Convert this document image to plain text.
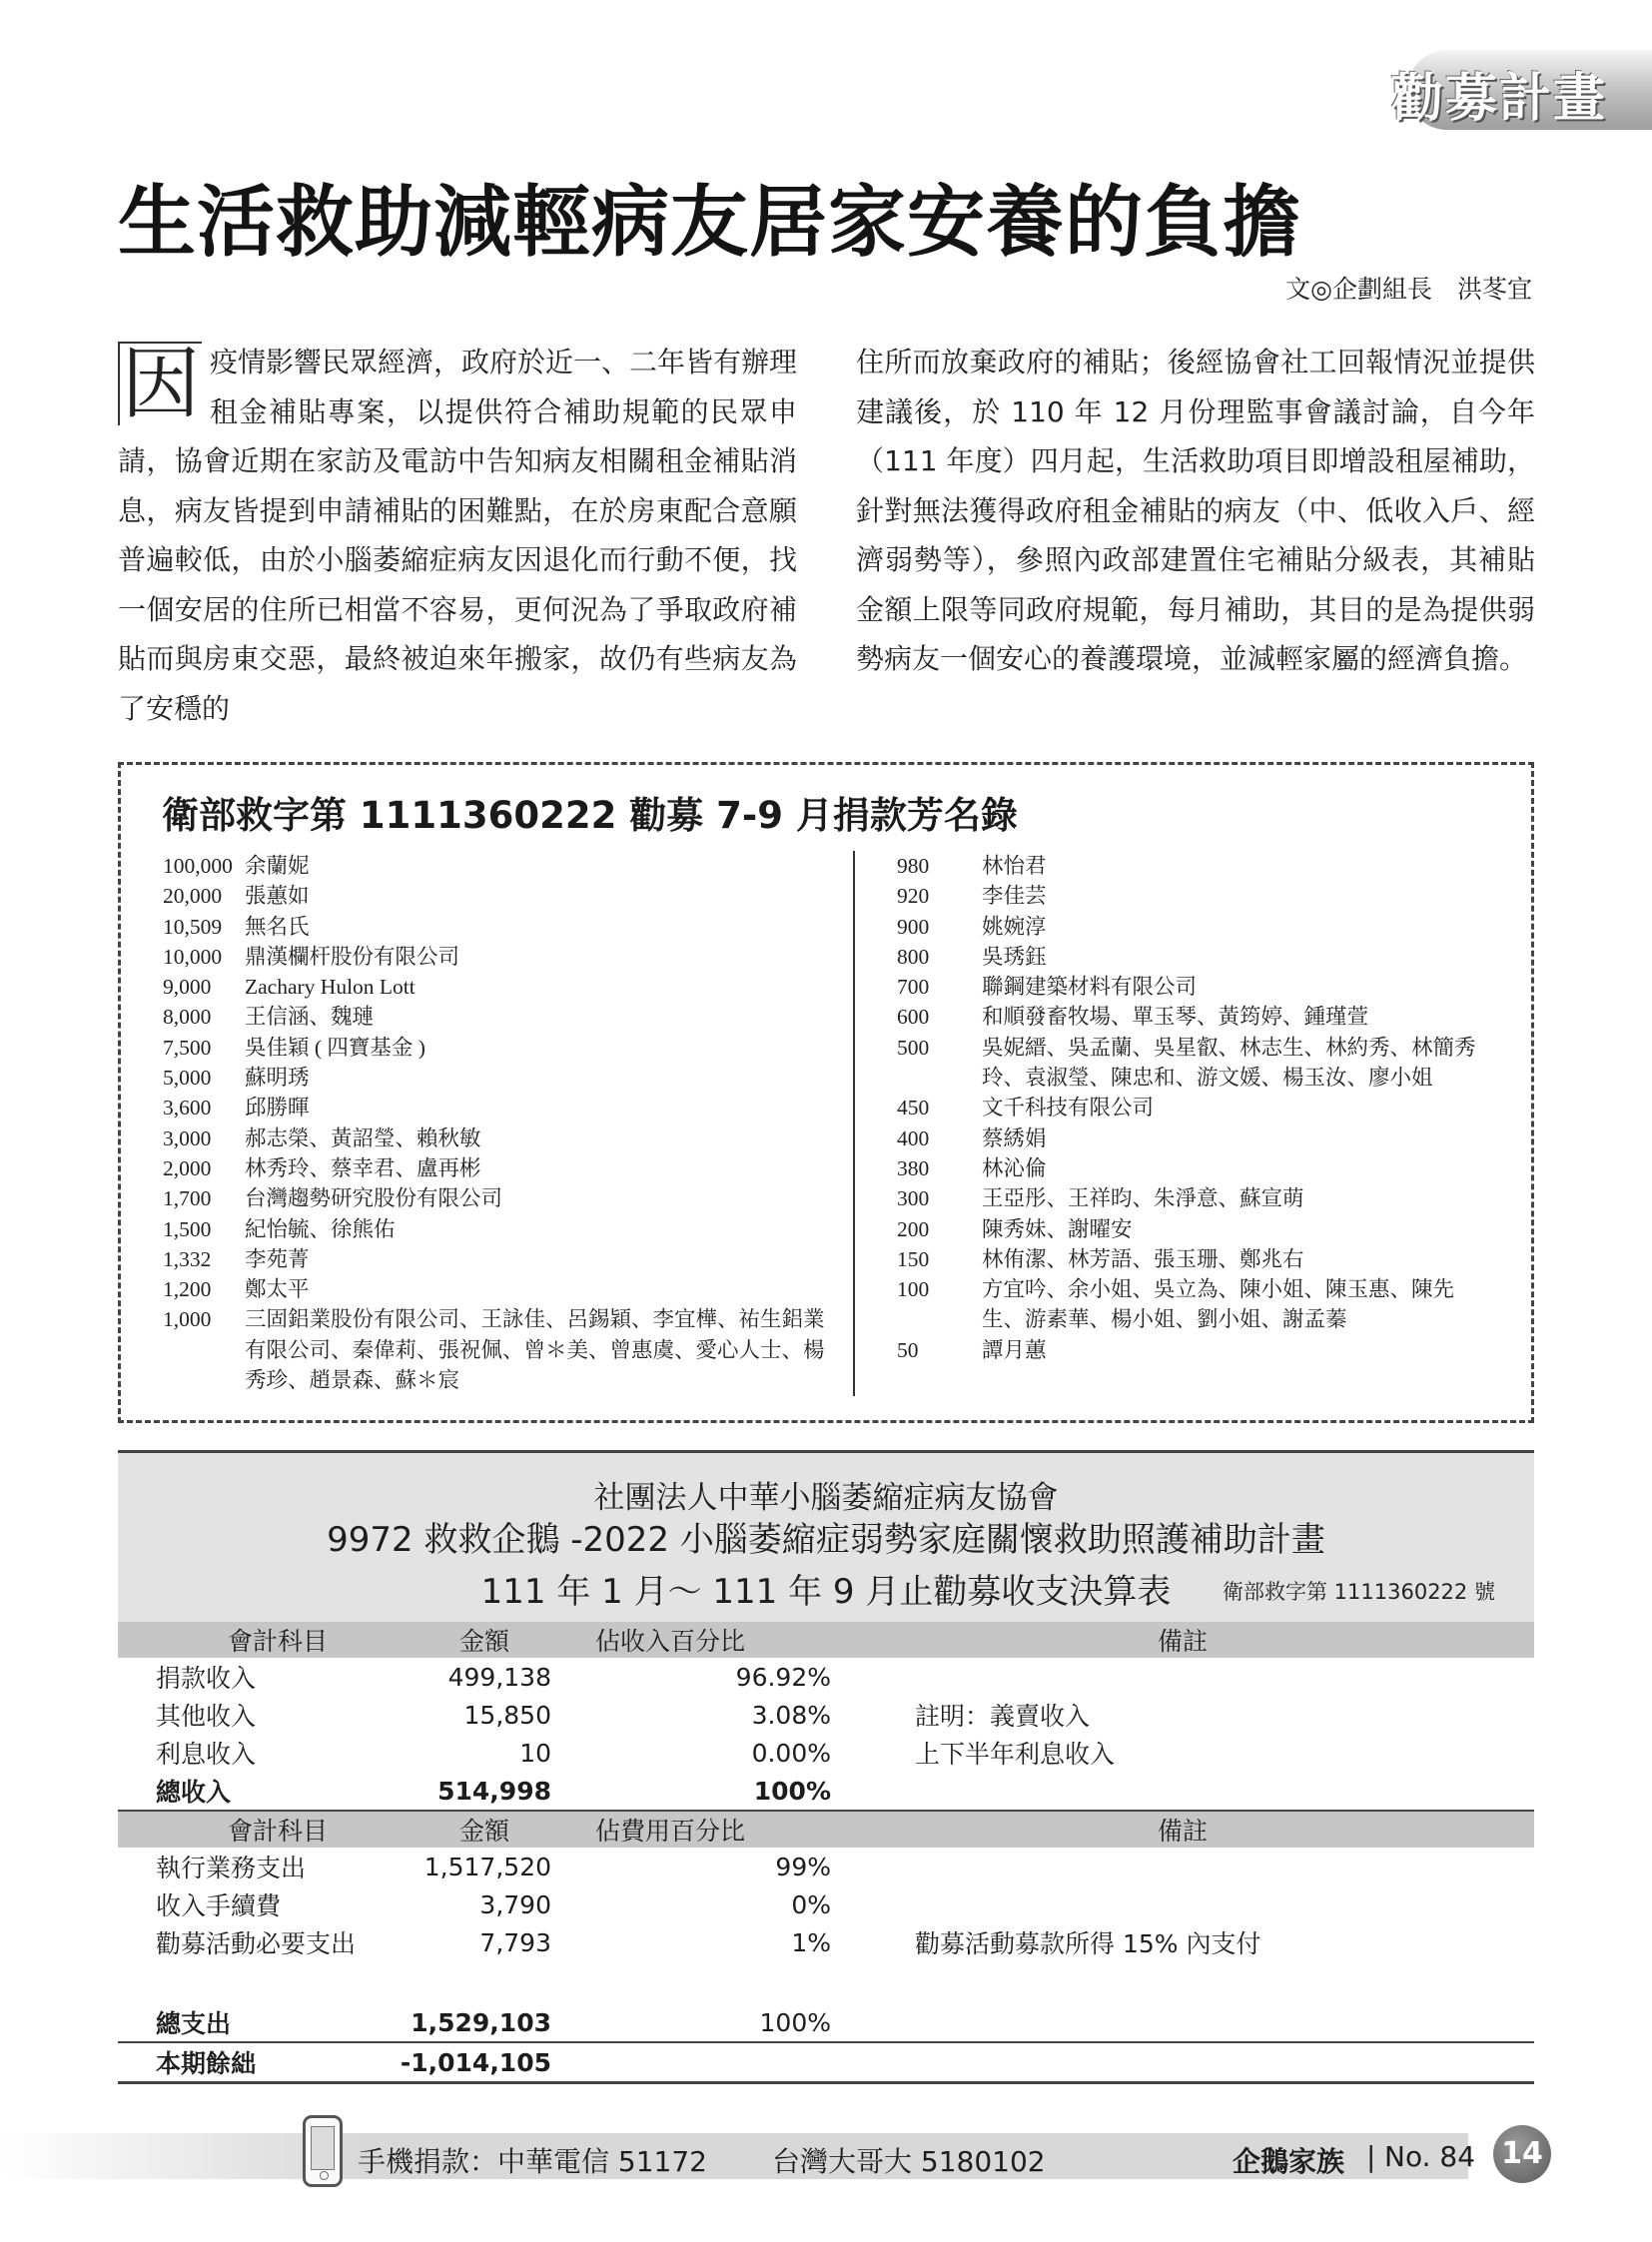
勸募計畫
生活救助減輕病友居家安養的負擔
文◎企劃組長　洪苳宜
因 疫情影響民眾經濟，政府於近一、二年皆有辦理租金補貼專案，以提供符合補助規範的民眾申請，協會近期在家訪及電訪中告知病友相關租金補貼消息，病友皆提到申請補貼的困難點，在於房東配合意願普遍較低，由於小腦萎縮症病友因退化而行動不便，找一個安居的住所已相當不容易，更何況為了爭取政府補貼而與房東交惡，最終被迫來年搬家，故仍有些病友為了安穩的

住所而放棄政府的補貼；後經協會社工回報情況並提供建議後，於 110 年 12 月份理監事會議討論，自今年（111 年度）四月起，生活救助項目即增設租屋補助，針對無法獲得政府租金補貼的病友（中、低收入戶、經濟弱勢等），參照內政部建置住宅補貼分級表，其補貼金額上限等同政府規範，每月補助，其目的是為提供弱勢病友一個安心的養護環境，並減輕家屬的經濟負擔。

衛部救字第 1111360222 勸募 7-9 月捐款芳名錄
100,000 余蘭妮
20,000	張蕙如
10,509	無名氏
10,000	鼎漢欄杆股份有限公司
9,000	Zachary Hulon Lott
8,000	王信涵、魏璉
7,500	吳佳穎 ( 四寶基金 )
5,000	蘇明琇
3,600	邱勝暉
3,000	郝志榮、黃詔瑩、賴秋敏
2,000	林秀玲、蔡幸君、盧再彬
1,700	台灣趨勢研究股份有限公司
1,500	紀怡毓、徐熊佑
1,332	李苑菁
1,200	鄭太平
1,000	三固鋁業股份有限公司、王詠佳、呂錫穎、李宜樺、祐生鋁業有限公司、秦偉莉、張祝佩、曾＊美、曾惠虞、愛心人士、楊秀珍、趙景森、蘇＊宸
980	林怡君
920	李佳芸
900	姚婉淳
800	吳琇鈺
700	聯鋼建築材料有限公司
600	和順發畜牧場、單玉琴、黃筠婷、鍾瑾萱
500	吳妮縉、吳孟蘭、吳星叡、林志生、林約秀、林簡秀玲、袁淑瑩、陳忠和、游文媛、楊玉汝、廖小姐
450	文千科技有限公司
400	蔡綉娟
380	林沁倫
300	王亞彤、王祥昀、朱淨意、蘇宣萌
200	陳秀妹、謝曜安
150	林侑潔、林芳語、張玉珊、鄭兆右
100	方宜吟、余小姐、吳立為、陳小姐、陳玉惠、陳先生、游素華、楊小姐、劉小姐、謝孟蓁
50	譚月蕙
社團法人中華小腦萎縮症病友協會
9972 救救企鵝 -2022 小腦萎縮症弱勢家庭關懷救助照護補助計畫
111 年 1 月～ 111 年 9 月止勸募收支決算表	衛部救字第 1111360222 號
會計科目	金額	佔收入百分比	備註
捐款收入	499,138	96.92%	
其他收入	15,850	3.08%	註明：義賣收入
利息收入	10	0.00%	上下半年利息收入
總收入	514,998	100%	
會計科目	金額	佔費用百分比	備註
執行業務支出	1,517,520	99%	
收入手續費	3,790	0%	
勸募活動必要支出	7,793	1%	勸募活動募款所得 15% 內支付

總支出	1,529,103	100%	
本期餘絀	-1,014,105		
手機捐款：中華電信 51172 台灣大哥大 5180102	企鵝家族 | No. 84 14
